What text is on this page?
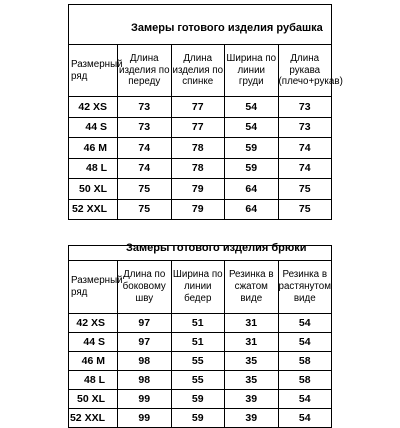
Замеры готового изделия рубашка				

Размерный ряд	Длина изделия по переду	Длина изделия по спинке	Ширина по линии груди	Длина рукава (плечо+рукав)
42 XS	73	77	54	73
44 S	73	77	54	73
46 M	74	78	59	74
48 L	74	78	59	74
50 XL	75	79	64	75
52 XXL	75	79	64	75
Замеры готового изделия брюки				

Размерный ряд	Длина по боковому шву	Ширина по линии бедер	Резинка в сжатом виде	Резинка в растянутом виде
42 XS	97	51	31	54
44 S	97	51	31	54
46 M	98	55	35	58
48 L	98	55	35	58
50 XL	99	59	39	54
52 XXL	99	59	39	54
